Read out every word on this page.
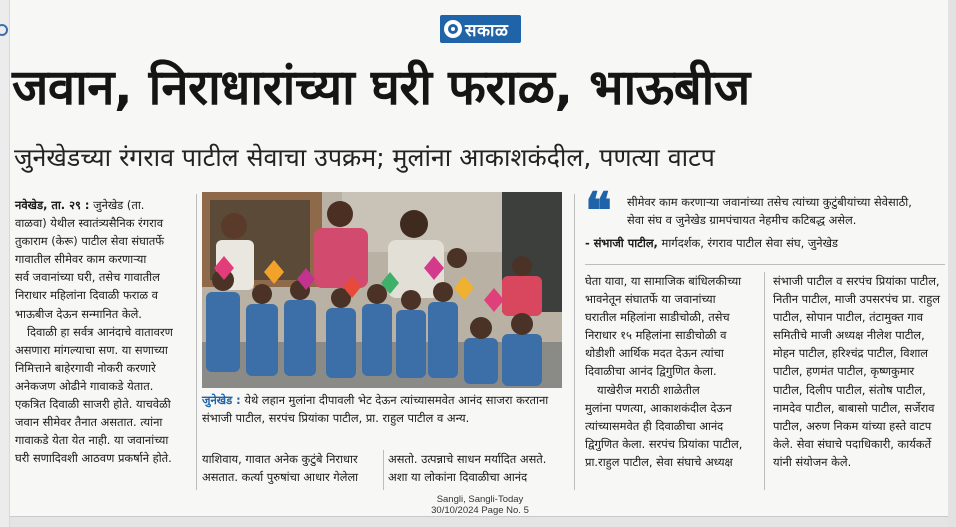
सकाळ
जवान, निराधारांच्या घरी फराळ, भाऊबीज
जुनेखेडच्या रंगराव पाटील सेवाचा उपक्रम; मुलांना आकाशकंदील, पणत्या वाटप

नवेखेड, ता. २९ : जुनेखेड (ता.

वाळवा) येथील स्वातंत्र्यसैनिक रंगराव

तुकाराम (केरू) पाटील सेवा संघातर्फे

गावातील सीमेवर काम करणाऱ्या

सर्व जवानांच्या घरी, तसेच गावातील

निराधार महिलांना दिवाळी फराळ व

भाऊबीज देऊन सन्मानित केले.

दिवाळी हा सर्वत्र आनंदाचे वातावरण

असणारा मांगल्याचा सण. या सणाच्या

निमित्ताने बाहेरगावी नोकरी करणारे

अनेकजण ओढीने गावाकडे येतात.

एकत्रित दिवाळी साजरी होते. याचवेळी

जवान सीमेवर तैनात असतात. त्यांना

गावाकडे येता येत नाही. या जवानांच्या

घरी सणादिवशी आठवण प्रकर्षाने होते.

जुनेखेड : येथे लहान मुलांना दीपावली भेट देऊन त्यांच्यासमवेत आनंद साजरा करताना संभाजी पाटील, सरपंच प्रियांका पाटील, प्रा. राहुल पाटील व अन्य.

याशिवाय, गावात अनेक कुटुंबे निराधार

असतात. कर्त्या पुरुषांचा आधार गेलेला

असतो. उत्पन्नाचे साधन मर्यादित असते.

अशा या लोकांना दिवाळीचा आनंद

❝ सीमेवर काम करणाऱ्या जवानांच्या तसेच त्यांच्या कुटुंबीयांच्या सेवेसाठी, सेवा संघ व जुनेखेड ग्रामपंचायत नेहमीच कटिबद्ध असेल.
- संभाजी पाटील, मार्गदर्शक, रंगराव पाटील सेवा संघ, जुनेखेड

घेता यावा, या सामाजिक बांधिलकीच्या

भावनेतून संघातर्फे या जवानांच्या

घरातील महिलांना साडीचोळी, तसेच

निराधार १५ महिलांना साडीचोळी व

थोडीशी आर्थिक मदत देऊन त्यांचा

दिवाळीचा आनंद द्विगुणित केला.

याखेरीज मराठी शाळेतील

मुलांना पणत्या, आकाशकंदील देऊन

त्यांच्यासमवेत ही दिवाळीचा आनंद

द्विगुणित केला. सरपंच प्रियांका पाटील,

प्रा.राहुल पाटील, सेवा संघाचे अध्यक्ष

संभाजी पाटील व सरपंच प्रियांका पाटील,

नितीन पाटील, माजी उपसरपंच प्रा. राहुल

पाटील, सोपान पाटील, तंटामुक्त गाव

समितीचे माजी अध्यक्ष नीलेश पाटील,

मोहन पाटील, हरिश्चंद्र पाटील, विशाल

पाटील, हणमंत पाटील, कृष्णकुमार

पाटील, दिलीप पाटील, संतोष पाटील,

नामदेव पाटील, बाबासो पाटील, सर्जेराव

पाटील, अरुण निकम यांच्या हस्ते वाटप

केले. सेवा संघाचे पदाधिकारी, कार्यकर्ते

यांनी संयोजन केले.

Sangli, Sangli-Today
30/10/2024 Page No. 5
